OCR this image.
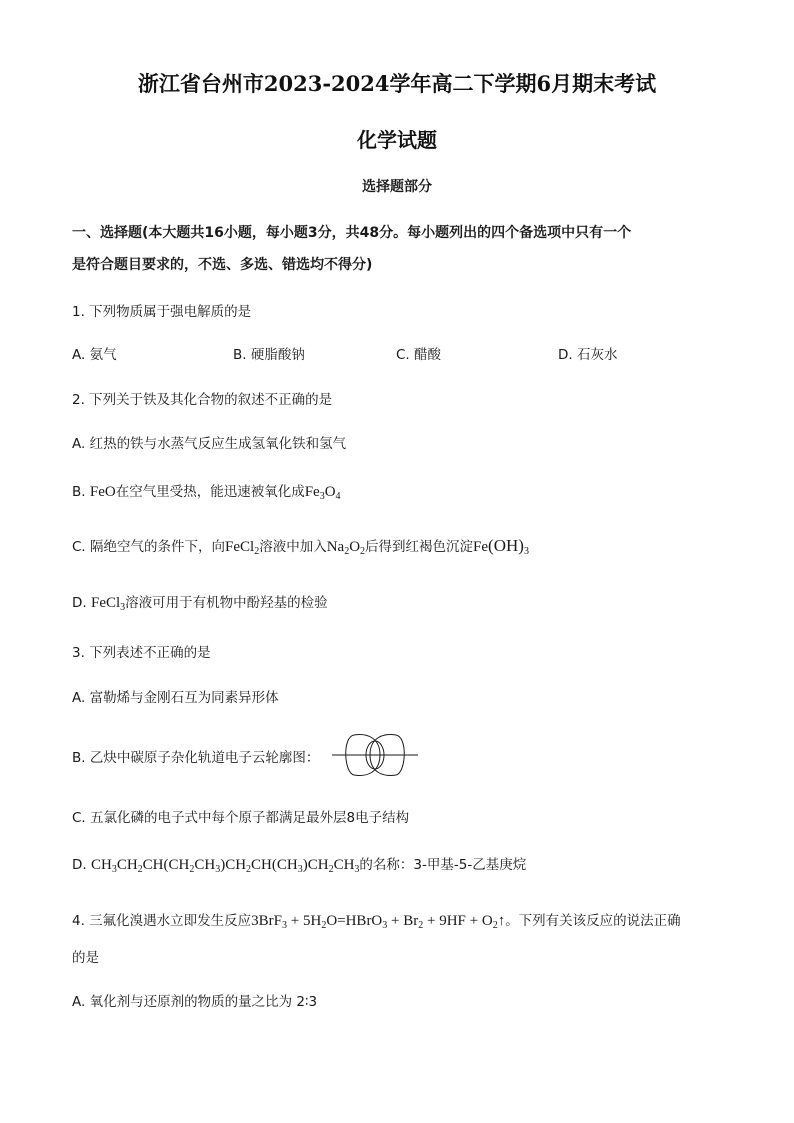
浙江省台州市2023-2024学年高二下学期6月期末考试
化学试题
选择题部分
一、选择题(本大题共16小题，每小题3分，共48分。每小题列出的四个备选项中只有一个
是符合题目要求的，不选、多选、错选均不得分)
1. 下列物质属于强电解质的是
A. 氨气	B. 硬脂酸钠	C. 醋酸	D. 石灰水
2. 下列关于铁及其化合物的叙述不正确的是
A. 红热的铁与水蒸气反应生成氢氧化铁和氢气
B. FeO在空气里受热，能迅速被氧化成$Fe_3O_4$
C. 隔绝空气的条件下，向FeCl$_2$溶液中加入$Na_2O_2$后得到红褐色沉淀$Fe(OH)_3$
D. FeCl$_3$溶液可用于有机物中酚羟基的检验
3. 下列表述不正确的是
A. 富勒烯与金刚石互为同素异形体
B. 乙炔中碳原子杂化轨道电子云轮廓图：
C. 五氯化磷的电子式中每个原子都满足最外层8电子结构
D. $CH_3CH_2CH(CH_2CH_3)CH_2CH(CH_3)CH_2CH_3$的名称：3-甲基-5-乙基庚烷
4. 三氟化溴遇水立即发生反应$3BrF_3 + 5H_2O=HBrO_3 + Br_2 + 9HF$ + $O_2↑$。下列有关该反应的说法正确
的是
A. 氧化剂与还原剂的物质的量之比为 2∶3
